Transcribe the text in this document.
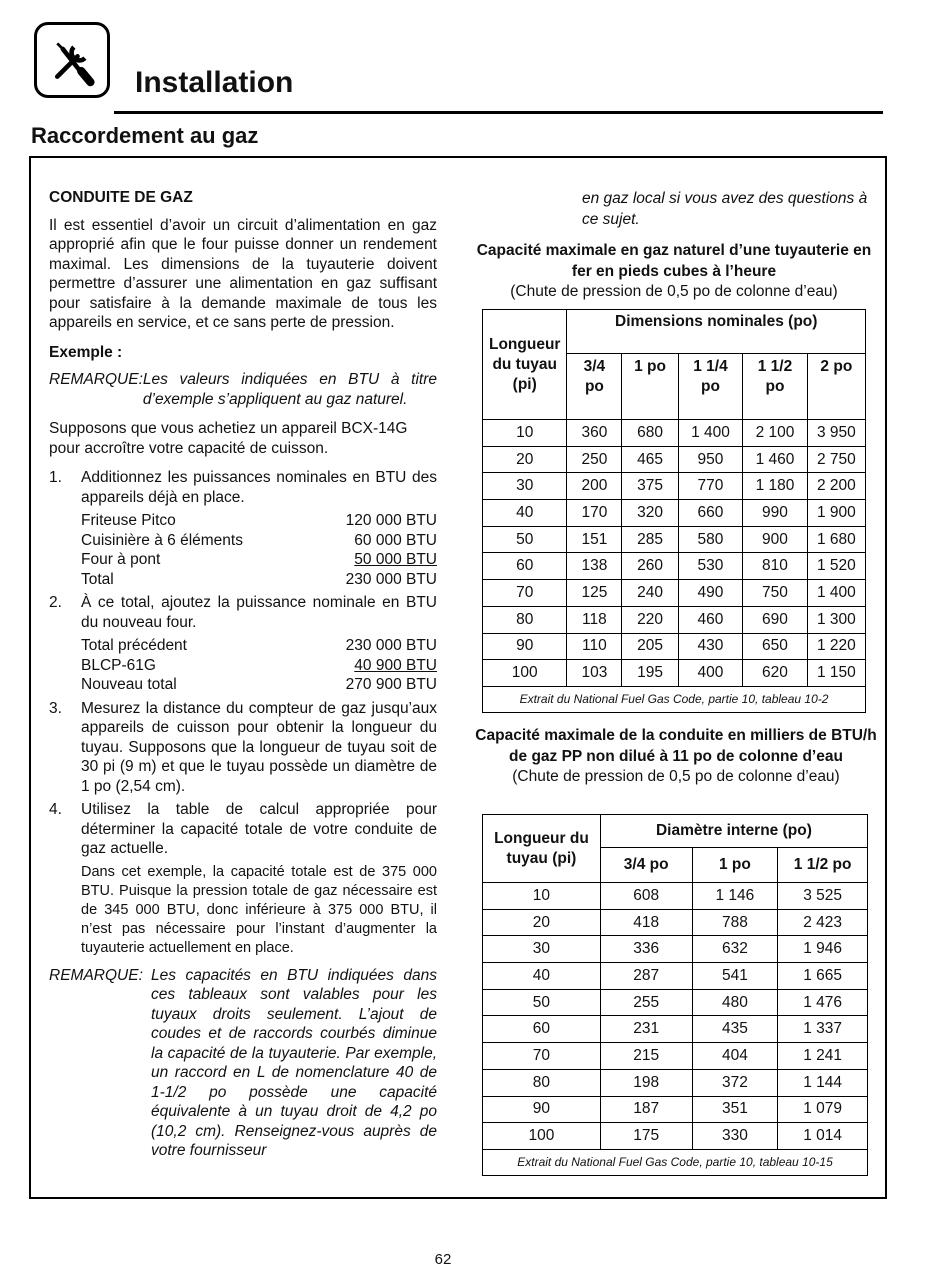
Installation
Raccordement au gaz
CONDUITE DE GAZ

Il est essentiel d’avoir un circuit d’alimentation en gaz approprié afin que le four puisse donner un rendement maximal. Les dimensions de la tuyauterie doivent permettre d’assurer une alimentation en gaz suffisant pour satisfaire à la demande maximale de tous les appareils en service, et ce sans perte de pression.

Exemple :
REMARQUE: Les valeurs indiquées en BTU à titre d’exemple s’appliquent au gaz naturel.

Supposons que vous achetiez un appareil BCX-14G pour accroître votre capacité de cuisson.

1.	Additionnez les puissances nominales en BTU des appareils déjà en place.
Friteuse Pitco	120 000 BTU
Cuisinière à 6 éléments	60 000 BTU
Four à pont	50 000 BTU
Total	230 000 BTU
2.	À ce total, ajoutez la puissance nominale en BTU du nouveau four.
Total précédent	230 000 BTU
BLCP-61G	40 900 BTU
Nouveau total	270 900 BTU
3.	Mesurez la distance du compteur de gaz jusqu’aux appareils de cuisson pour obtenir la longueur du tuyau. Supposons que la longueur de tuyau soit de 30 pi (9 m) et que le tuyau possède un diamètre de 1 po (2,54 cm).
4.	Utilisez la table de calcul appropriée pour déterminer la capacité totale de votre conduite de gaz actuelle.
Dans cet exemple, la capacité totale est de 375 000 BTU. Puisque la pression totale de gaz nécessaire est de 345 000 BTU, donc inférieure à 375 000 BTU, il n’est pas nécessaire pour l’instant d’augmenter la tuyauterie actuellement en place.
REMARQUE: Les capacités en BTU indiquées dans ces tableaux sont valables pour les tuyaux droits seulement. L’ajout de coudes et de raccords courbés diminue la capacité de la tuyauterie. Par exemple, un raccord en L de nomenclature 40 de 1-1/2 po possède une capacité équivalente à un tuyau droit de 4,2 po (10,2 cm). Renseignez-vous auprès de votre fournisseur
en gaz local si vous avez des questions à ce sujet.
Capacité maximale en gaz naturel d’une tuyauterie en fer en pieds cubes à l’heure
(Chute de pression de 0,5 po de colonne d’eau)
Longueur du tuyau (pi)	Dimensions nominales (po)				
	3/4 po	1 po	1 1/4 po	1 1/2 po	2 po
10	360	680	1 400	2 100	3 950
20	250	465	950	1 460	2 750
30	200	375	770	1 180	2 200
40	170	320	660	990	1 900
50	151	285	580	900	1 680
60	138	260	530	810	1 520
70	125	240	490	750	1 400
80	118	220	460	690	1 300
90	110	205	430	650	1 220
100	103	195	400	620	1 150
Extrait du National Fuel Gas Code, partie 10, tableau 10-2					
Capacité maximale de la conduite en milliers de BTU/h de gaz PP non dilué à 11 po de colonne d’eau
(Chute de pression de 0,5 po de colonne d’eau)
Longueur du tuyau (pi)	Diamètre interne (po)		
	3/4 po	1 po	1 1/2 po
10	608	1 146	3 525
20	418	788	2 423
30	336	632	1 946
40	287	541	1 665
50	255	480	1 476
60	231	435	1 337
70	215	404	1 241
80	198	372	1 144
90	187	351	1 079
100	175	330	1 014
Extrait du National Fuel Gas Code, partie 10, tableau 10-15			
62
